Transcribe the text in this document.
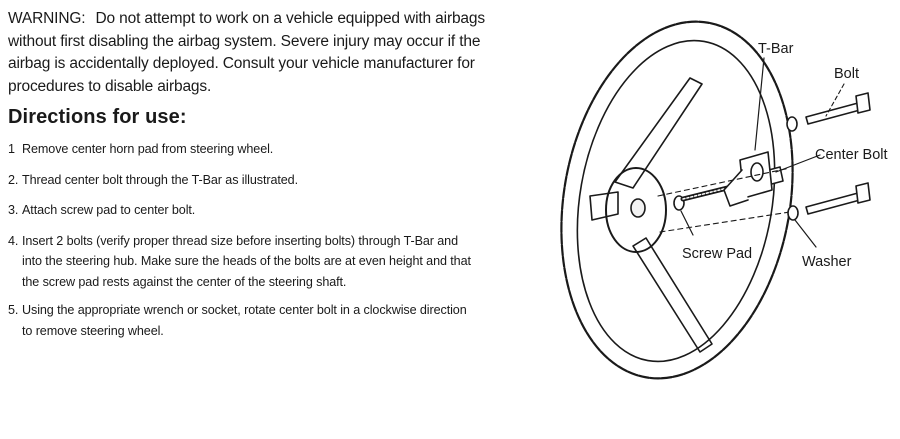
WARNING: Do not attempt to work on a vehicle equipped with airbags
without first disabling the airbag system. Severe injury may occur if the
airbag is accidentally deployed. Consult your vehicle manufacturer for
procedures to disable airbags.

Directions for use:
1 Remove center horn pad from steering wheel.
2. Thread center bolt through the T-Bar as illustrated.
3. Attach screw pad to center bolt.
4. Insert 2 bolts (verify proper thread size before inserting bolts) through T-Bar and
into the steering hub. Make sure the heads of the bolts are at even height and that
the screw pad rests against the center of the steering shaft.
5. Using the appropriate wrench or socket, rotate center bolt in a clockwise direction
to remove steering wheel.
T-Bar
Bolt
Center Bolt
Screw Pad	Washer
